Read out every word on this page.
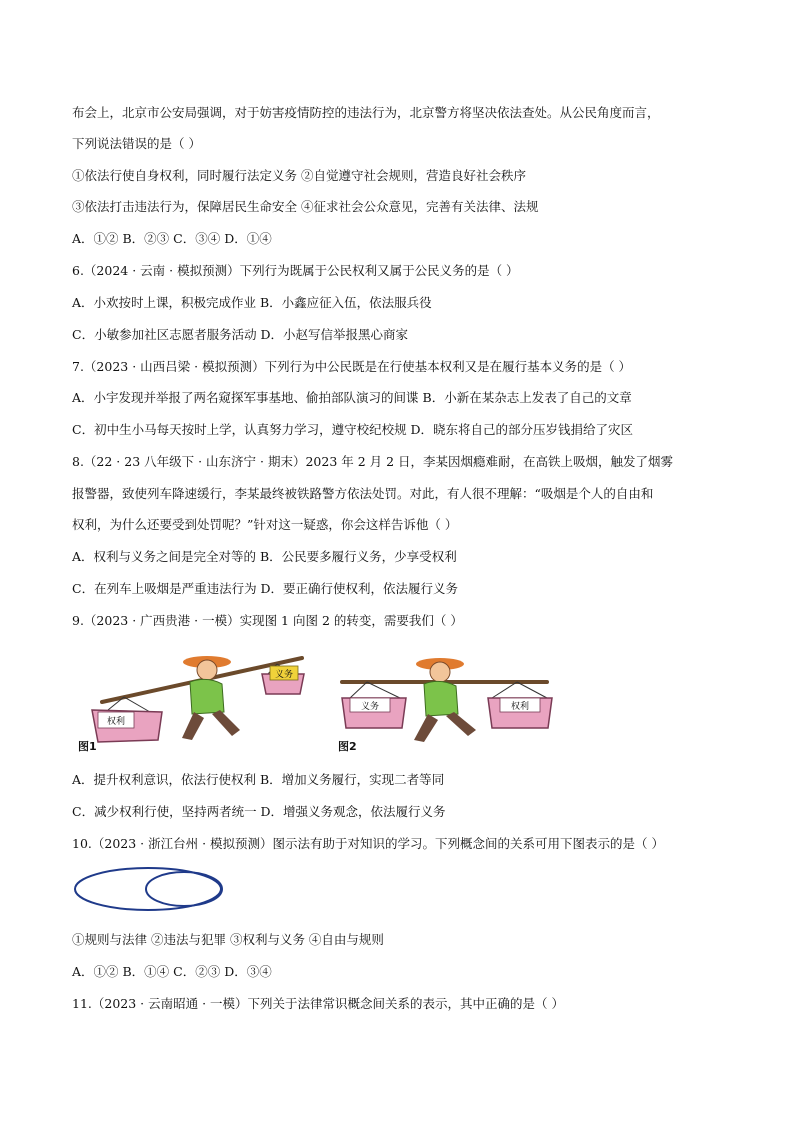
布会上，北京市公安局强调，对于妨害疫情防控的违法行为，北京警方将坚决依法查处。从公民角度而言，
下列说法错误的是（ ）
①依法行使自身权利，同时履行法定义务 ②自觉遵守社会规则，营造良好社会秩序
③依法打击违法行为，保障居民生命安全 ④征求社会公众意见，完善有关法律、法规
A．①② B．②③ C．③④ D．①④
6.（2024 · 云南 · 模拟预测）下列行为既属于公民权利又属于公民义务的是（ ）
A．小欢按时上课，积极完成作业 B．小鑫应征入伍，依法服兵役
C．小敏参加社区志愿者服务活动 D．小赵写信举报黑心商家
7.（2023 · 山西吕梁 · 模拟预测）下列行为中公民既是在行使基本权利又是在履行基本义务的是（ ）
A．小宇发现并举报了两名窥探军事基地、偷拍部队演习的间谍 B．小新在某杂志上发表了自己的文章
C．初中生小马每天按时上学，认真努力学习，遵守校纪校规 D．晓东将自己的部分压岁钱捐给了灾区
8.（22 · 23 八年级下 · 山东济宁 · 期末）2023 年 2 月 2 日，李某因烟瘾难耐，在高铁上吸烟，触发了烟雾
报警器，致使列车降速缓行，李某最终被铁路警方依法处罚。对此，有人很不理解：“吸烟是个人的自由和
权利，为什么还要受到处罚呢？”针对这一疑惑，你会这样告诉他（ ）
A．权利与义务之间是完全对等的 B．公民要多履行义务，少享受权利
C．在列车上吸烟是严重违法行为 D．要正确行使权利，依法履行义务
9.（2023 · 广西贵港 · 一模）实现图 1 向图 2 的转变，需要我们（ ）
权利
义务
图1
义务	权利
图2
A．提升权利意识，依法行使权利 B．增加义务履行，实现二者等同
C．减少权利行使，坚持两者统一 D．增强义务观念，依法履行义务
10.（2023 · 浙江台州 · 模拟预测）图示法有助于对知识的学习。下列概念间的关系可用下图表示的是（ ）
①规则与法律 ②违法与犯罪 ③权利与义务 ④自由与规则
A．①② B．①④ C．②③ D．③④
11.（2023 · 云南昭通 · 一模）下列关于法律常识概念间关系的表示，其中正确的是（ ）
